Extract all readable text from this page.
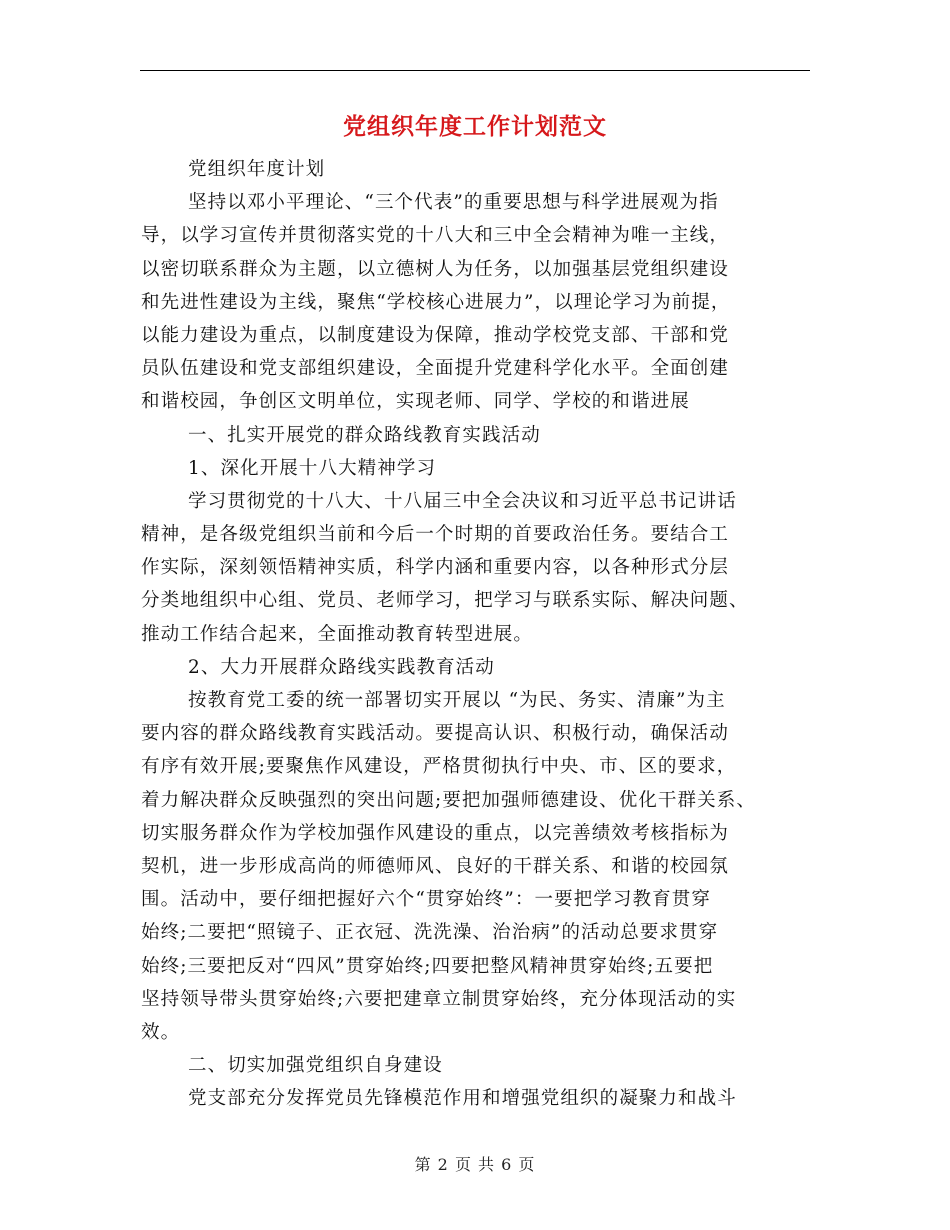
党组织年度工作计划范文
党组织年度计划
坚持以邓小平理论、“三个代表”的重要思想与科学进展观为指
导，以学习宣传并贯彻落实党的十八大和三中全会精神为唯一主线，
以密切联系群众为主题，以立德树人为任务，以加强基层党组织建设
和先进性建设为主线，聚焦“学校核心进展力”，以理论学习为前提，
以能力建设为重点，以制度建设为保障，推动学校党支部、干部和党
员队伍建设和党支部组织建设，全面提升党建科学化水平。全面创建
和谐校园，争创区文明单位，实现老师、同学、学校的和谐进展
一、扎实开展党的群众路线教育实践活动
1、深化开展十八大精神学习
学习贯彻党的十八大、十八届三中全会决议和习近平总书记讲话
精神，是各级党组织当前和今后一个时期的首要政治任务。要结合工
作实际，深刻领悟精神实质，科学内涵和重要内容，以各种形式分层
分类地组织中心组、党员、老师学习，把学习与联系实际、解决问题、
推动工作结合起来，全面推动教育转型进展。
2、大力开展群众路线实践教育活动
按教育党工委的统一部署切实开展以 “为民、务实、清廉”为主
要内容的群众路线教育实践活动。要提高认识、积极行动，确保活动
有序有效开展;要聚焦作风建设，严格贯彻执行中央、市、区的要求，
着力解决群众反映强烈的突出问题;要把加强师德建设、优化干群关系、
切实服务群众作为学校加强作风建设的重点，以完善绩效考核指标为
契机，进一步形成高尚的师德师风、良好的干群关系、和谐的校园氛
围。活动中，要仔细把握好六个“贯穿始终”：一要把学习教育贯穿
始终;二要把“照镜子、正衣冠、洗洗澡、治治病”的活动总要求贯穿
始终;三要把反对“四风”贯穿始终;四要把整风精神贯穿始终;五要把
坚持领导带头贯穿始终;六要把建章立制贯穿始终，充分体现活动的实
效。
二、切实加强党组织自身建设
党支部充分发挥党员先锋模范作用和增强党组织的凝聚力和战斗
第 2 页 共 6 页
